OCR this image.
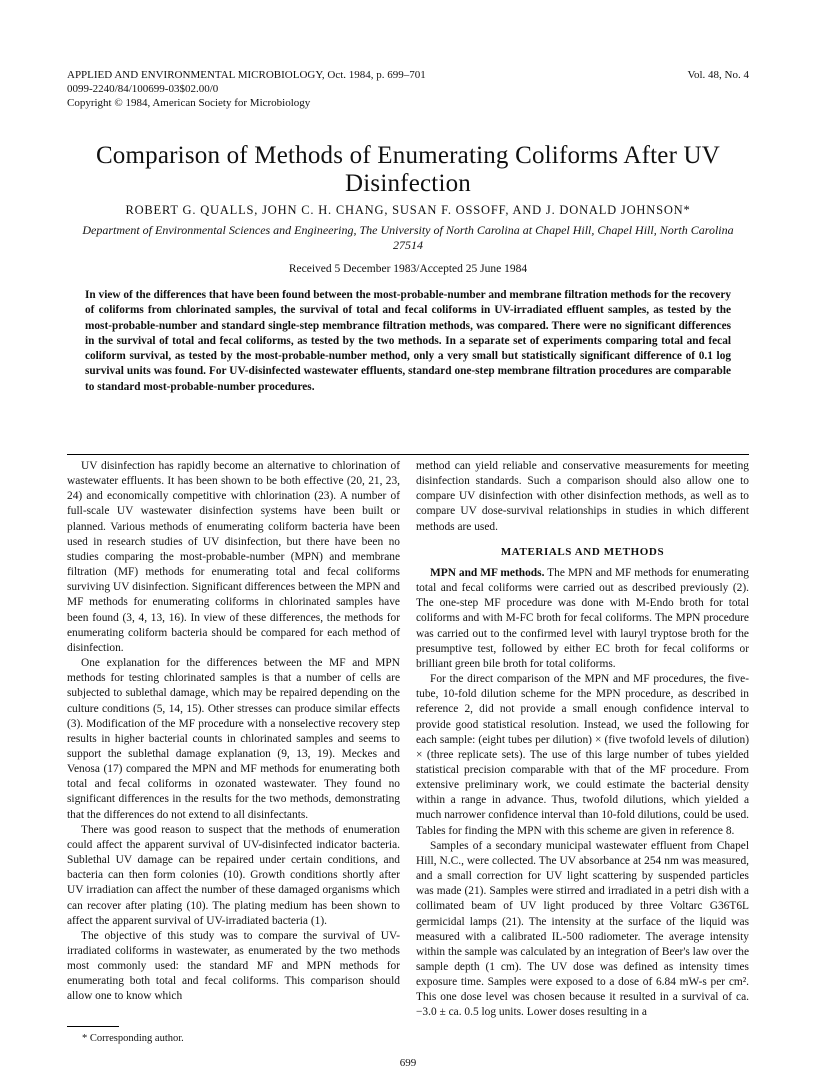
APPLIED AND ENVIRONMENTAL MICROBIOLOGY, Oct. 1984, p. 699–701
0099-2240/84/100699-03$02.00/0
Copyright © 1984, American Society for Microbiology
Vol. 48, No. 4
Comparison of Methods of Enumerating Coliforms After UV Disinfection
ROBERT G. QUALLS, JOHN C. H. CHANG, SUSAN F. OSSOFF, AND J. DONALD JOHNSON*
Department of Environmental Sciences and Engineering, The University of North Carolina at Chapel Hill, Chapel Hill, North Carolina 27514
Received 5 December 1983/Accepted 25 June 1984
In view of the differences that have been found between the most-probable-number and membrane filtration methods for the recovery of coliforms from chlorinated samples, the survival of total and fecal coliforms in UV-irradiated effluent samples, as tested by the most-probable-number and standard single-step membrance filtration methods, was compared. There were no significant differences in the survival of total and fecal coliforms, as tested by the two methods. In a separate set of experiments comparing total and fecal coliform survival, as tested by the most-probable-number method, only a very small but statistically significant difference of 0.1 log survival units was found. For UV-disinfected wastewater effluents, standard one-step membrane filtration procedures are comparable to standard most-probable-number procedures.

UV disinfection has rapidly become an alternative to chlorination of wastewater effluents. It has been shown to be both effective (20, 21, 23, 24) and economically competitive with chlorination (23). A number of full-scale UV wastewater disinfection systems have been built or planned. Various methods of enumerating coliform bacteria have been used in research studies of UV disinfection, but there have been no studies comparing the most-probable-number (MPN) and membrane filtration (MF) methods for enumerating total and fecal coliforms surviving UV disinfection. Significant differences between the MPN and MF methods for enumerating coliforms in chlorinated samples have been found (3, 4, 13, 16). In view of these differences, the methods for enumerating coliform bacteria should be compared for each method of disinfection.

One explanation for the differences between the MF and MPN methods for testing chlorinated samples is that a number of cells are subjected to sublethal damage, which may be repaired depending on the culture conditions (5, 14, 15). Other stresses can produce similar effects (3). Modification of the MF procedure with a nonselective recovery step results in higher bacterial counts in chlorinated samples and seems to support the sublethal damage explanation (9, 13, 19). Meckes and Venosa (17) compared the MPN and MF methods for enumerating both total and fecal coliforms in ozonated wastewater. They found no significant differences in the results for the two methods, demonstrating that the differences do not extend to all disinfectants.

There was good reason to suspect that the methods of enumeration could affect the apparent survival of UV-disinfected indicator bacteria. Sublethal UV damage can be repaired under certain conditions, and bacteria can then form colonies (10). Growth conditions shortly after UV irradiation can affect the number of these damaged organisms which can recover after plating (10). The plating medium has been shown to affect the apparent survival of UV-irradiated bacteria (1).

The objective of this study was to compare the survival of UV-irradiated coliforms in wastewater, as enumerated by the two methods most commonly used: the standard MF and MPN methods for enumerating both total and fecal coliforms. This comparison should allow one to know which

method can yield reliable and conservative measurements for meeting disinfection standards. Such a comparison should also allow one to compare UV disinfection with other disinfection methods, as well as to compare UV dose-survival relationships in studies in which different methods are used.

MATERIALS AND METHODS

MPN and MF methods. The MPN and MF methods for enumerating total and fecal coliforms were carried out as described previously (2). The one-step MF procedure was done with M-Endo broth for total coliforms and with M-FC broth for fecal coliforms. The MPN procedure was carried out to the confirmed level with lauryl tryptose broth for the presumptive test, followed by either EC broth for fecal coliforms or brilliant green bile broth for total coliforms.

For the direct comparison of the MPN and MF procedures, the five-tube, 10-fold dilution scheme for the MPN procedure, as described in reference 2, did not provide a small enough confidence interval to provide good statistical resolution. Instead, we used the following for each sample: (eight tubes per dilution) × (five twofold levels of dilution) × (three replicate sets). The use of this large number of tubes yielded statistical precision comparable with that of the MF procedure. From extensive preliminary work, we could estimate the bacterial density within a range in advance. Thus, twofold dilutions, which yielded a much narrower confidence interval than 10-fold dilutions, could be used. Tables for finding the MPN with this scheme are given in reference 8.

Samples of a secondary municipal wastewater effluent from Chapel Hill, N.C., were collected. The UV absorbance at 254 nm was measured, and a small correction for UV light scattering by suspended particles was made (21). Samples were stirred and irradiated in a petri dish with a collimated beam of UV light produced by three Voltarc G36T6L germicidal lamps (21). The intensity at the surface of the liquid was measured with a calibrated IL-500 radiometer. The average intensity within the sample was calculated by an integration of Beer's law over the sample depth (1 cm). The UV dose was defined as intensity times exposure time. Samples were exposed to a dose of 6.84 mW-s per cm². This one dose level was chosen because it resulted in a survival of ca. −3.0 ± ca. 0.5 log units. Lower doses resulting in a

* Corresponding author.
699
